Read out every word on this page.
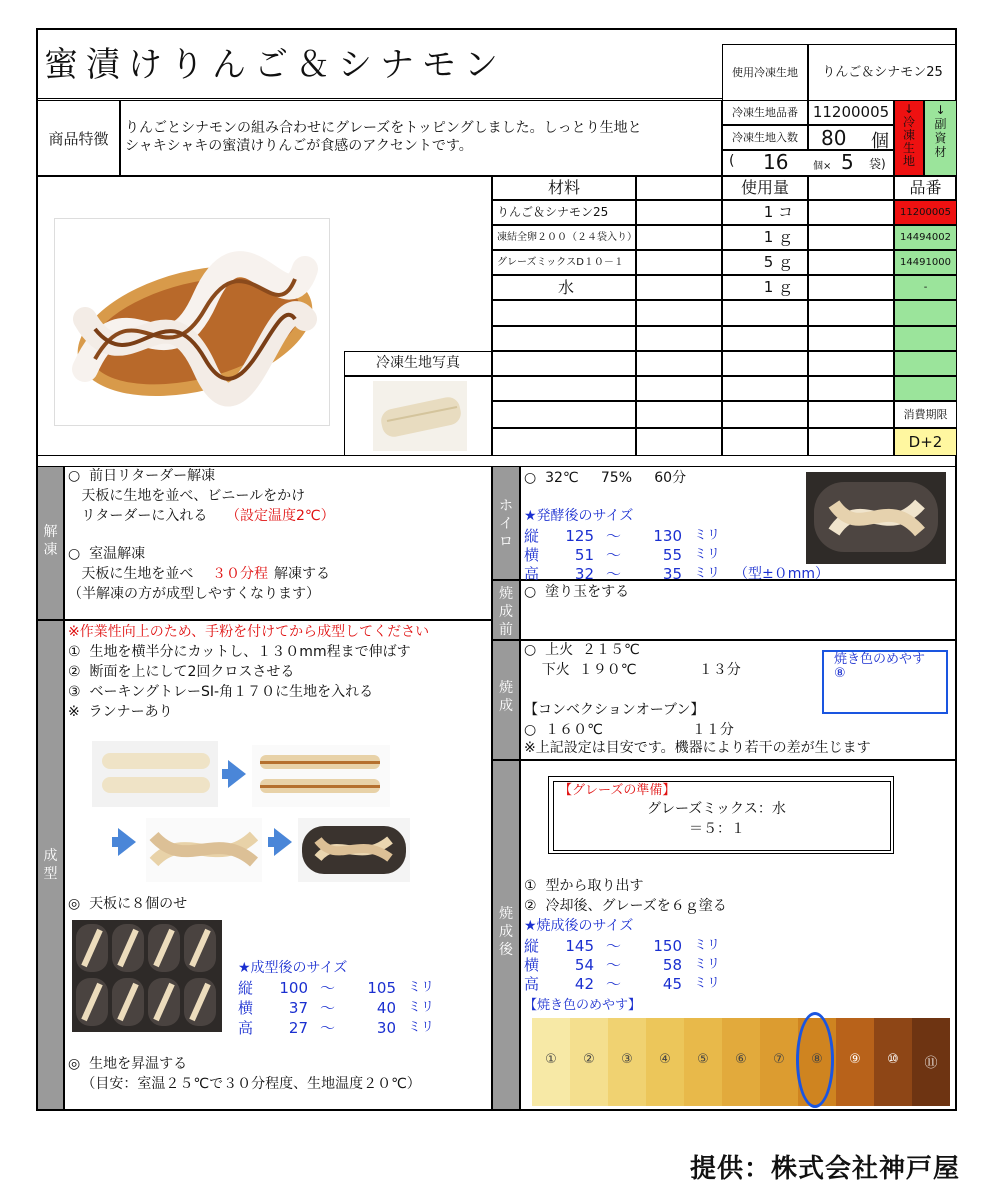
蜜漬けりんご＆シナモン	使用冷凍生地	りんご＆シナモン25
商品特徴
りんごとシナモンの組み合わせにグレーズをトッピングしました。しっとり生地と
シャキシャキの蜜漬けりんごが食感のアクセントです。
冷凍生地品番 11200005
冷凍生地入数	80 個
( 16 個× 5 袋)
↓
冷凍生地
↓
副資材
材料	使用量	品番
りんご＆シナモン25	1 コ	11200005
凍結全卵２００（２４袋入り）	1 ｇ	14494002
グレーズミックスD１０－１	5 ｇ	14491000
水	1 ｇ	-
消費期限
D+2
冷凍生地写真
解凍
○  前日リターダー解凍
天板に生地を並べ、ビニールをかけ
リターダーに入れる （設定温度2℃）
○  室温解凍
天板に生地を並べ ３０分程 解凍する
（半解凍の方が成型しやすくなります）
成型
※作業性向上のため、手粉を付けてから成型してください
①  生地を横半分にカットし、１３０mm程まで伸ばす
②  断面を上にして2回クロスさせる
③  ベーキングトレーSI-角１７０に生地を入れる
※  ランナーあり
◎  天板に８個のせ
★成型後のサイズ
縦	100 ～	105 ミリ
横	37 ～	40 ミリ
高	27 ～	30 ミリ
◎  生地を昇温する
（目安：室温２５℃で３０分程度、生地温度２０℃）
ホイロ
○  32℃     75%     60分
★発酵後のサイズ
縦	125 ～	130 ミリ
横	51 ～	55 ミリ
高	32 ～	35 ミリ （型±０mm）
焼成前
○  塗り玉をする
焼成
○  上火  ２１５℃
下火  １９０℃              １３分
【コンベクションオーブン】
○  １６０℃                    １１分
※上記設定は目安です。機器により若干の差が生じます
焼き色のめやす
⑧
焼成後
【グレーズの準備】
グレーズミックス：水
＝５：１
①  型から取り出す
②  冷却後、グレーズを６ｇ塗る
★焼成後のサイズ
縦	145 ～	150 ミリ
横	54 ～	58 ミリ
高	42 ～	45 ミリ
【焼き色のめやす】
①	②	③	④	⑤	⑥	⑦	⑧	⑨	⑩	⑪
提供：株式会社神戸屋
